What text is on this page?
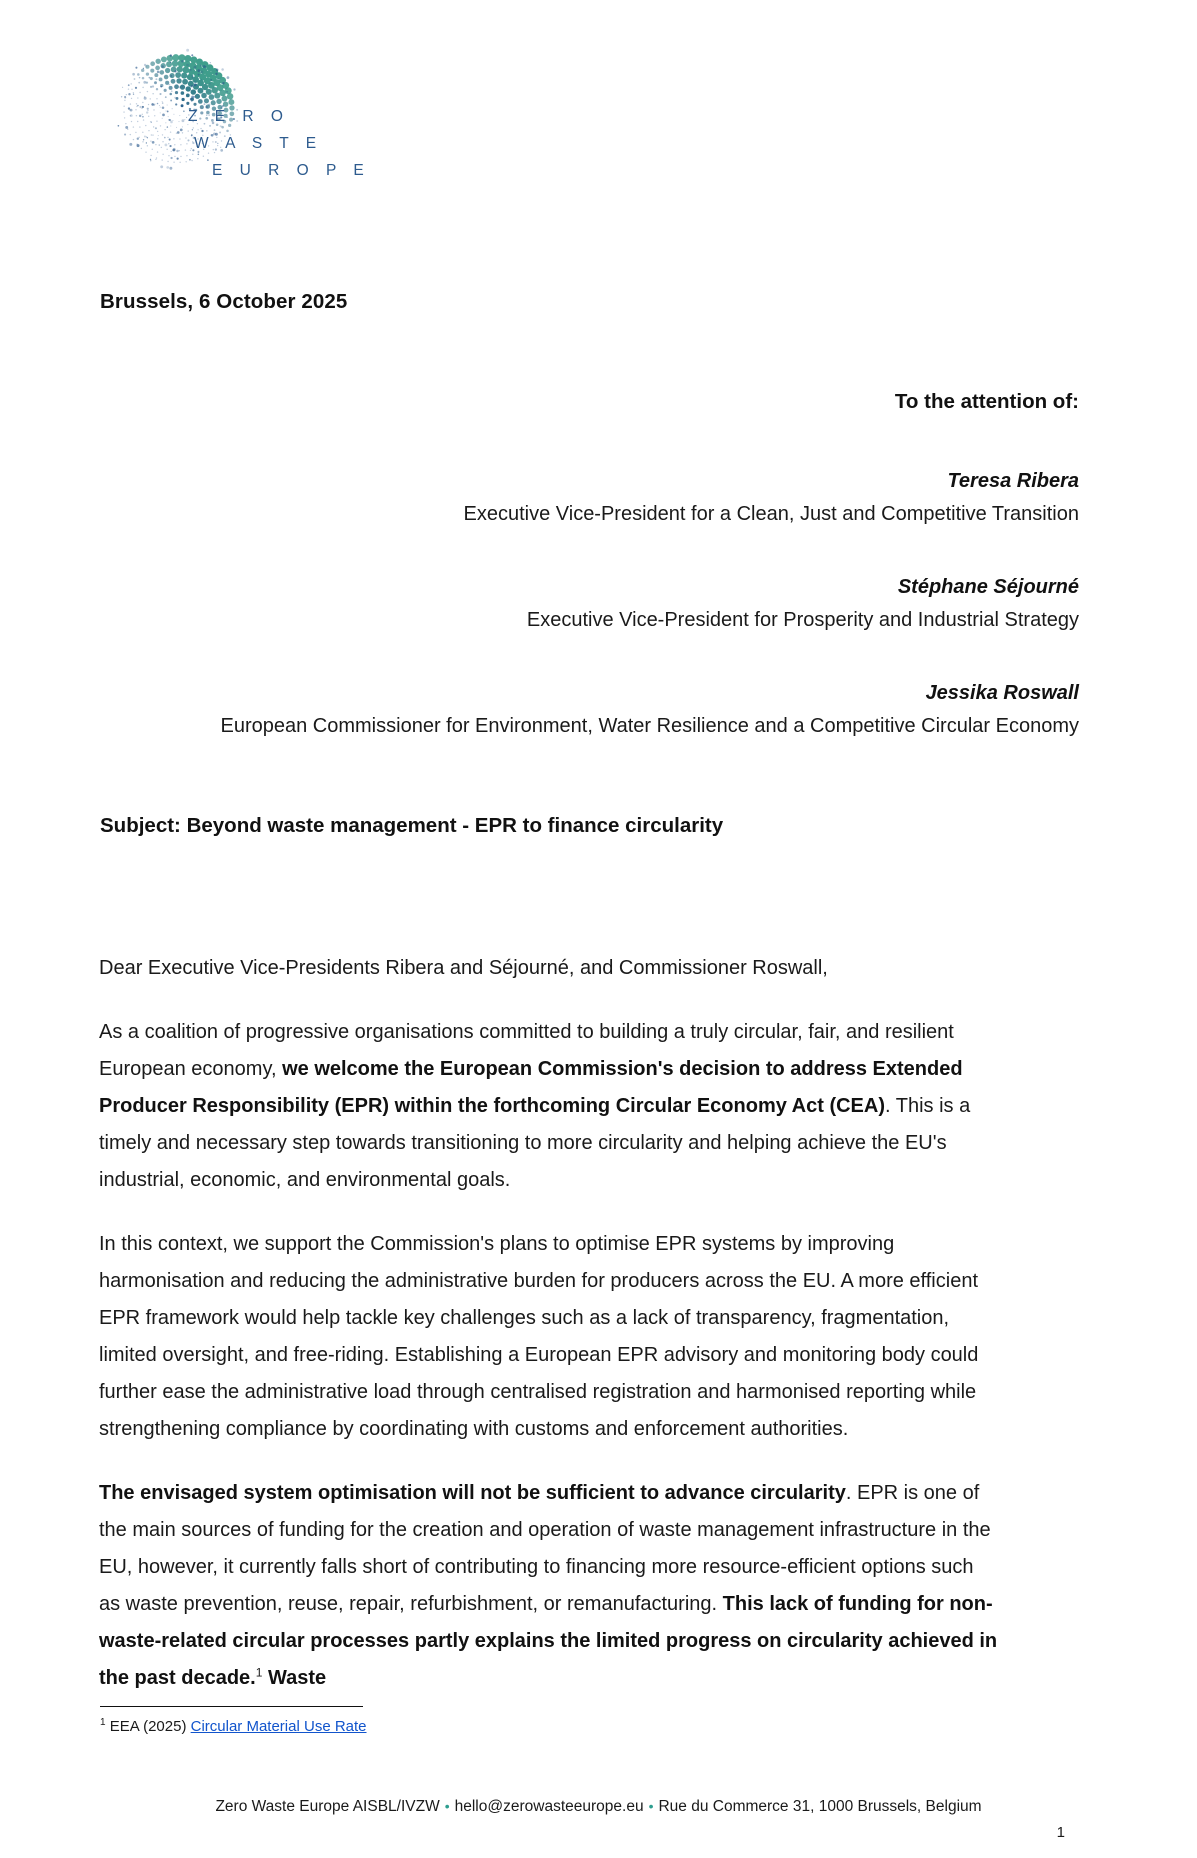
Z E R O
W A S T E
E U R O P E
Brussels, 6 October 2025
To the attention of:
Teresa Ribera
Executive Vice-President for a Clean, Just and Competitive Transition
Stéphane Séjourné
Executive Vice-President for Prosperity and Industrial Strategy
Jessika Roswall
European Commissioner for Environment, Water Resilience and a Competitive Circular Economy
Subject: Beyond waste management - EPR to finance circularity

Dear Executive Vice-Presidents Ribera and Séjourné, and Commissioner Roswall,

As a coalition of progressive organisations committed to building a truly circular, fair, and resilient European economy, we welcome the European Commission's decision to address Extended Producer Responsibility (EPR) within the forthcoming Circular Economy Act (CEA). This is a timely and necessary step towards transitioning to more circularity and helping achieve the EU's industrial, economic, and environmental goals.

In this context, we support the Commission's plans to optimise EPR systems by improving harmonisation and reducing the administrative burden for producers across the EU. A more efficient EPR framework would help tackle key challenges such as a lack of transparency, fragmentation, limited oversight, and free-riding. Establishing a European EPR advisory and monitoring body could further ease the administrative load through centralised registration and harmonised reporting while strengthening compliance by coordinating with customs and enforcement authorities.

The envisaged system optimisation will not be sufficient to advance circularity. EPR is one of the main sources of funding for the creation and operation of waste management infrastructure in the EU, however, it currently falls short of contributing to financing more resource-efficient options such as waste prevention, reuse, repair, refurbishment, or remanufacturing. This lack of funding for non-waste-related circular processes partly explains the limited progress on circularity achieved in the past decade.$^1$ Waste

$^1$ EEA (2025) Circular Material Use Rate
Zero Waste Europe AISBL/IVZW • hello@zerowasteeurope.eu • Rue du Commerce 31, 1000 Brussels, Belgium
1
